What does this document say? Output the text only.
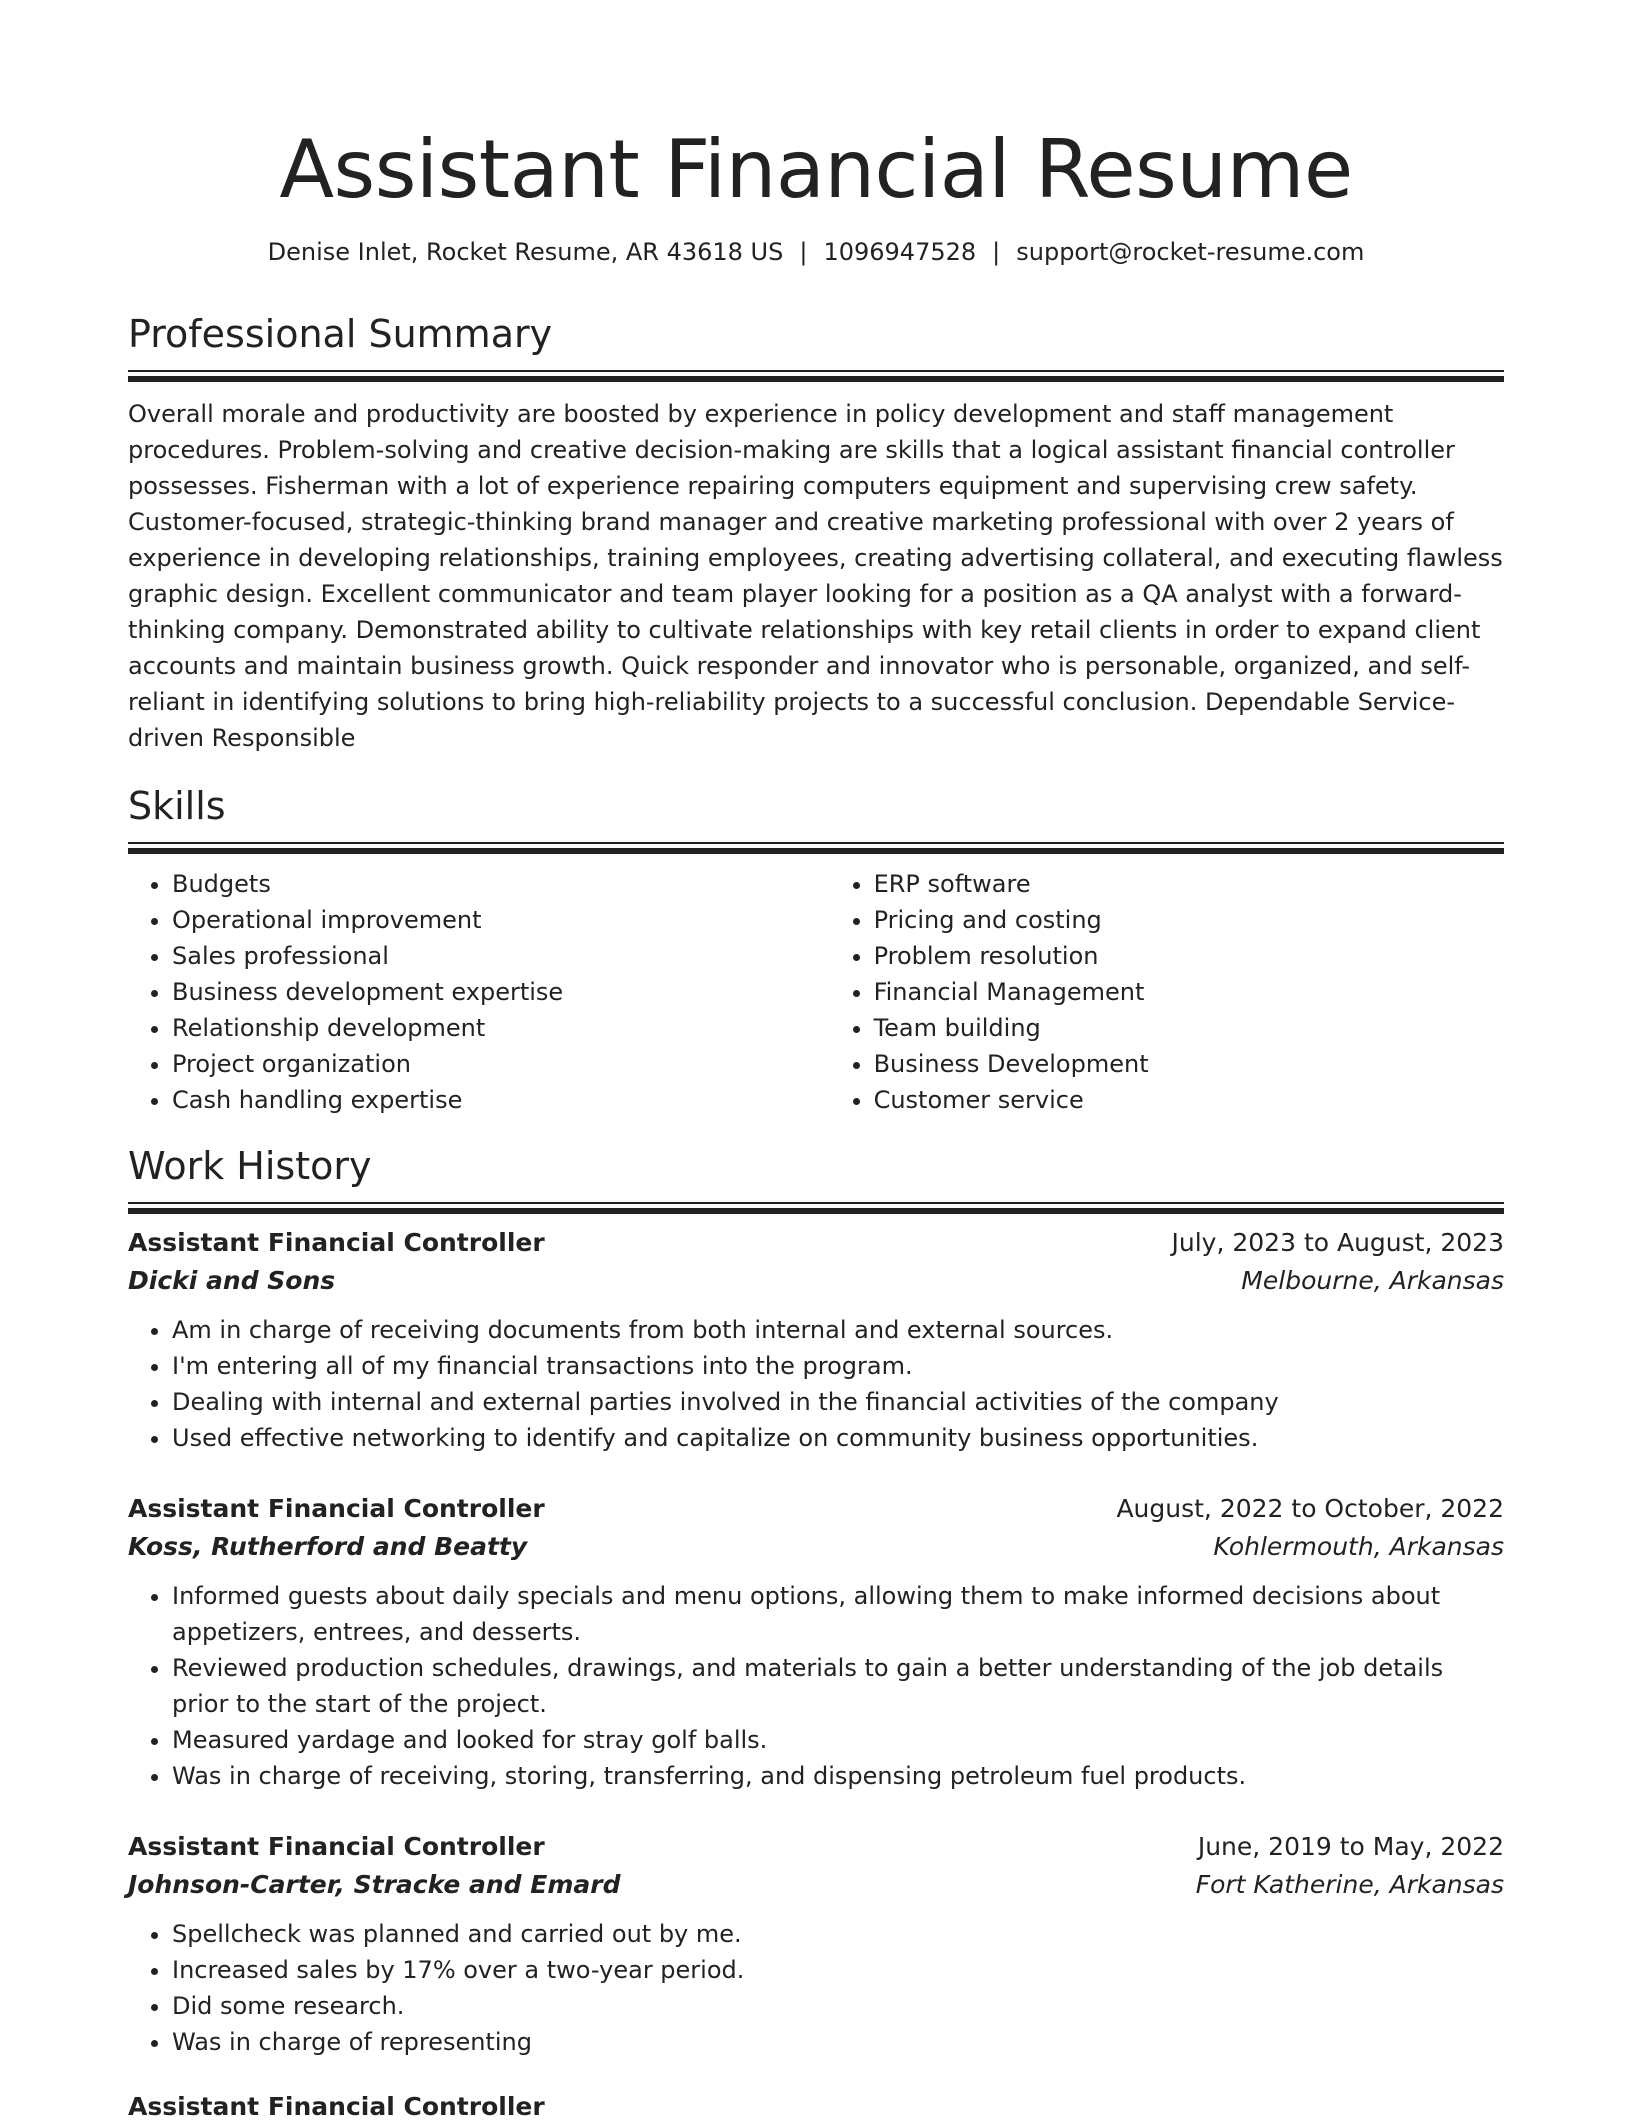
Assistant Financial Resume
Denise Inlet, Rocket Resume, AR 43618 US | 1096947528 | support@rocket-resume.com
Professional Summary

Overall morale and productivity are boosted by experience in policy development and staff management procedures. Problem-solving and creative decision-making are skills that a logical assistant financial controller possesses. Fisherman with a lot of experience repairing computers equipment and supervising crew safety. Customer-focused, strategic-thinking brand manager and creative marketing professional with over 2 years of experience in developing relationships, training employees, creating advertising collateral, and executing flawless graphic design. Excellent communicator and team player looking for a position as a QA analyst with a forward-thinking company. Demonstrated ability to cultivate relationships with key retail clients in order to expand client accounts and maintain business growth. Quick responder and innovator who is personable, organized, and self-reliant in identifying solutions to bring high-reliability projects to a successful conclusion. Dependable Service-driven Responsible

Skills
• Budgets
• Operational improvement
• Sales professional
• Business development expertise
• Relationship development
• Project organization
• Cash handling expertise
• ERP software
• Pricing and costing
• Problem resolution
• Financial Management
• Team building
• Business Development
• Customer service
Work History
Assistant Financial Controller	July, 2023 to August, 2023
Dicki and Sons	Melbourne, Arkansas
• Am in charge of receiving documents from both internal and external sources.
• I'm entering all of my financial transactions into the program.
• Dealing with internal and external parties involved in the financial activities of the company
• Used effective networking to identify and capitalize on community business opportunities.
Assistant Financial Controller	August, 2022 to October, 2022
Koss, Rutherford and Beatty	Kohlermouth, Arkansas
• Informed guests about daily specials and menu options, allowing them to make informed decisions about appetizers, entrees, and desserts.
• Reviewed production schedules, drawings, and materials to gain a better understanding of the job details prior to the start of the project.
• Measured yardage and looked for stray golf balls.
• Was in charge of receiving, storing, transferring, and dispensing petroleum fuel products.
Assistant Financial Controller	June, 2019 to May, 2022
Johnson-Carter, Stracke and Emard	Fort Katherine, Arkansas
• Spellcheck was planned and carried out by me.
• Increased sales by 17% over a two-year period.
• Did some research.
• Was in charge of representing
Assistant Financial Controller
